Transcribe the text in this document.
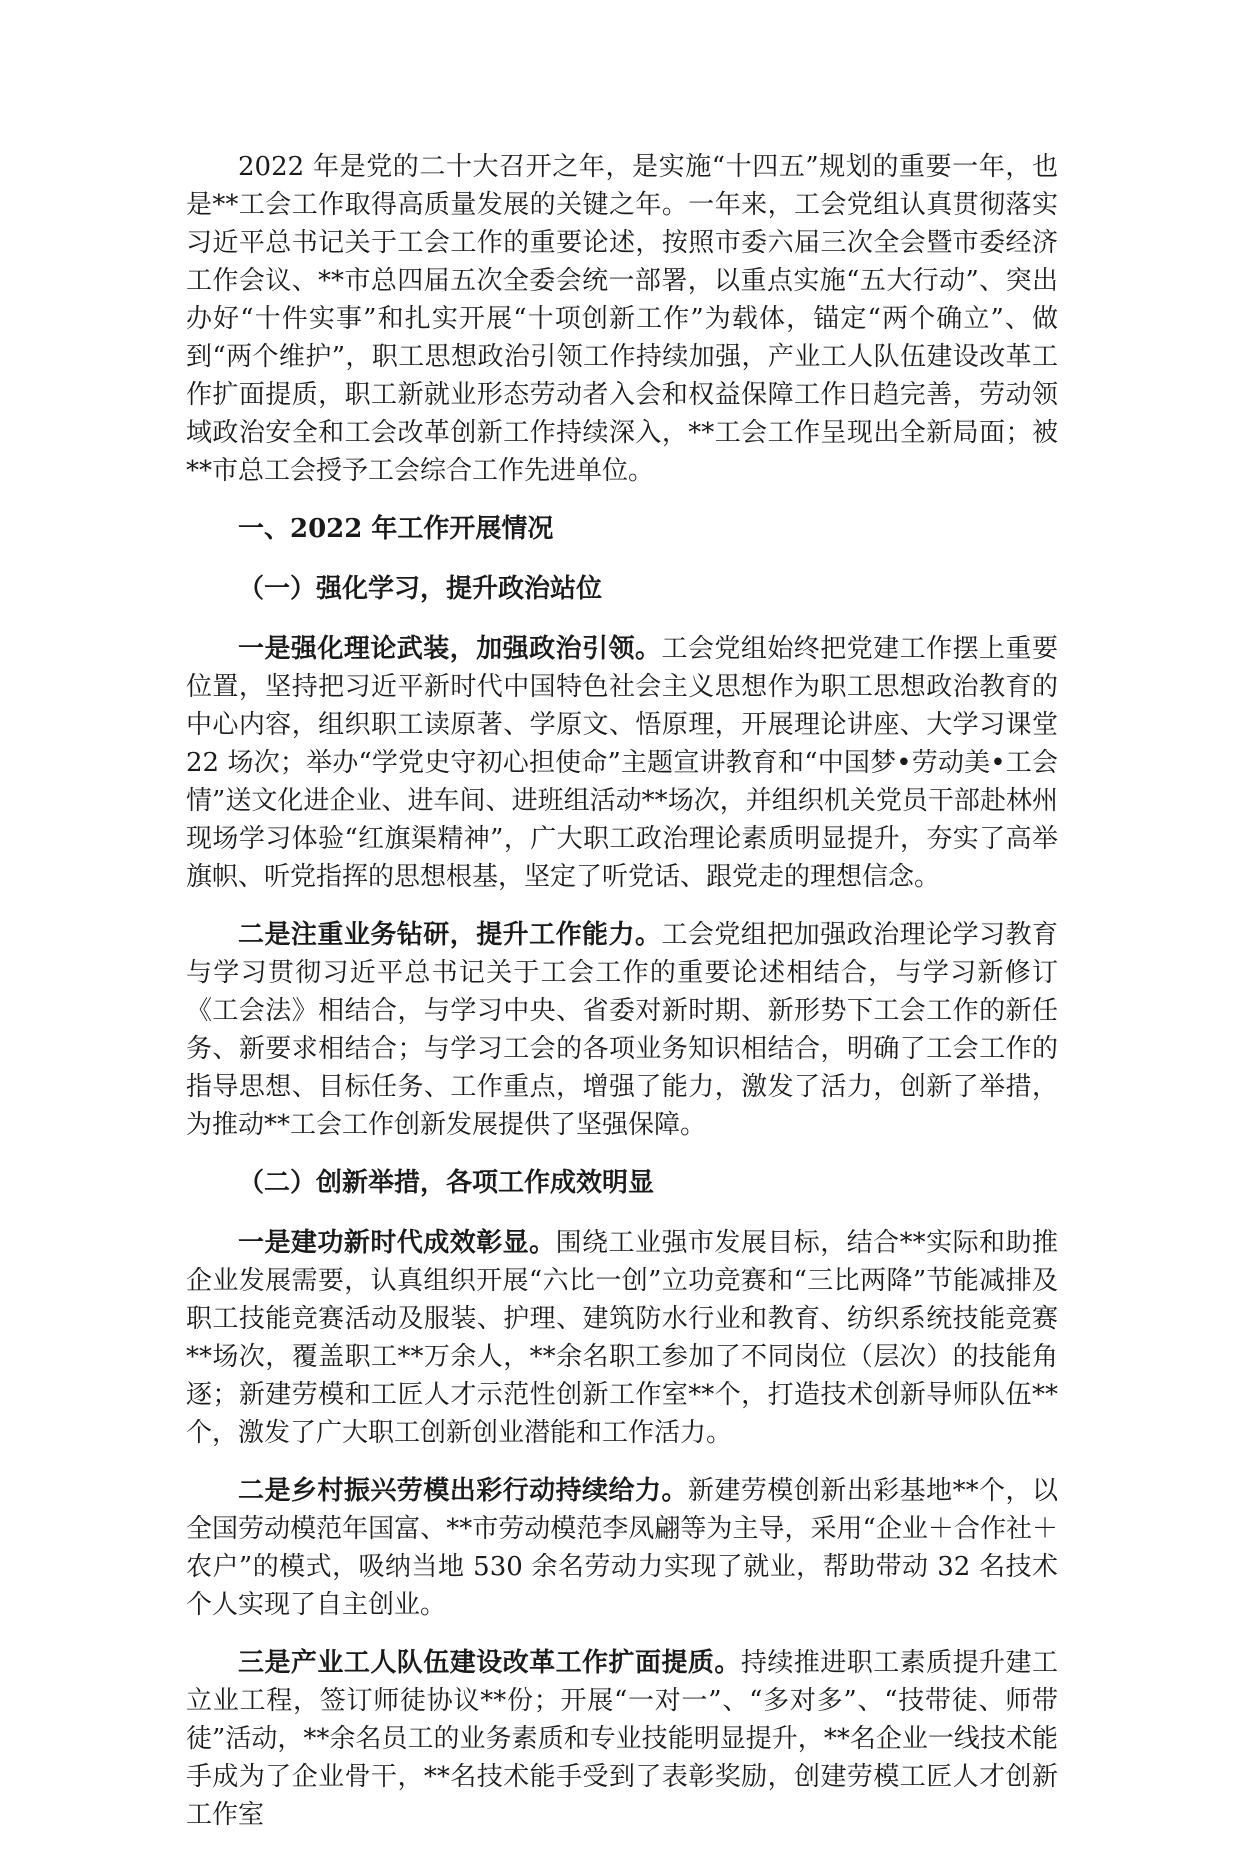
2022 年是党的二十大召开之年，是实施“十四五”规划的重要一年，也是**工会工作取得高质量发展的关键之年。一年来，工会党组认真贯彻落实习近平总书记关于工会工作的重要论述，按照市委六届三次全会暨市委经济工作会议、**市总四届五次全委会统一部署，以重点实施“五大行动”、突出办好“十件实事”和扎实开展“十项创新工作”为载体，锚定“两个确立”、做到“两个维护”，职工思想政治引领工作持续加强，产业工人队伍建设改革工作扩面提质，职工新就业形态劳动者入会和权益保障工作日趋完善，劳动领域政治安全和工会改革创新工作持续深入，**工会工作呈现出全新局面；被**市总工会授予工会综合工作先进单位。

一、2022 年工作开展情况

（一）强化学习，提升政治站位

一是强化理论武装，加强政治引领。工会党组始终把党建工作摆上重要位置，坚持把习近平新时代中国特色社会主义思想作为职工思想政治教育的中心内容，组织职工读原著、学原文、悟原理，开展理论讲座、大学习课堂 22 场次；举办“学党史守初心担使命”主题宣讲教育和“中国梦•劳动美•工会情”送文化进企业、进车间、进班组活动**场次，并组织机关党员干部赴林州现场学习体验“红旗渠精神”，广大职工政治理论素质明显提升，夯实了高举旗帜、听党指挥的思想根基，坚定了听党话、跟党走的理想信念。

二是注重业务钻研，提升工作能力。工会党组把加强政治理论学习教育与学习贯彻习近平总书记关于工会工作的重要论述相结合，与学习新修订《工会法》相结合，与学习中央、省委对新时期、新形势下工会工作的新任务、新要求相结合；与学习工会的各项业务知识相结合，明确了工会工作的指导思想、目标任务、工作重点，增强了能力，激发了活力，创新了举措，为推动**工会工作创新发展提供了坚强保障。

（二）创新举措，各项工作成效明显

一是建功新时代成效彰显。围绕工业强市发展目标，结合**实际和助推企业发展需要，认真组织开展“六比一创”立功竞赛和“三比两降”节能减排及职工技能竞赛活动及服装、护理、建筑防水行业和教育、纺织系统技能竞赛**场次，覆盖职工**万余人，**余名职工参加了不同岗位（层次）的技能角逐；新建劳模和工匠人才示范性创新工作室**个，打造技术创新导师队伍**个，激发了广大职工创新创业潜能和工作活力。

二是乡村振兴劳模出彩行动持续给力。新建劳模创新出彩基地**个，以全国劳动模范年国富、**市劳动模范李凤翩等为主导，采用“企业＋合作社＋农户”的模式，吸纳当地 530 余名劳动力实现了就业，帮助带动 32 名技术个人实现了自主创业。

三是产业工人队伍建设改革工作扩面提质。持续推进职工素质提升建工立业工程，签订师徒协议**份；开展“一对一”、“多对多”、“技带徒、师带徒”活动，**余名员工的业务素质和专业技能明显提升，**名企业一线技术能手成为了企业骨干，**名技术能手受到了表彰奖励，创建劳模工匠人才创新工作室
